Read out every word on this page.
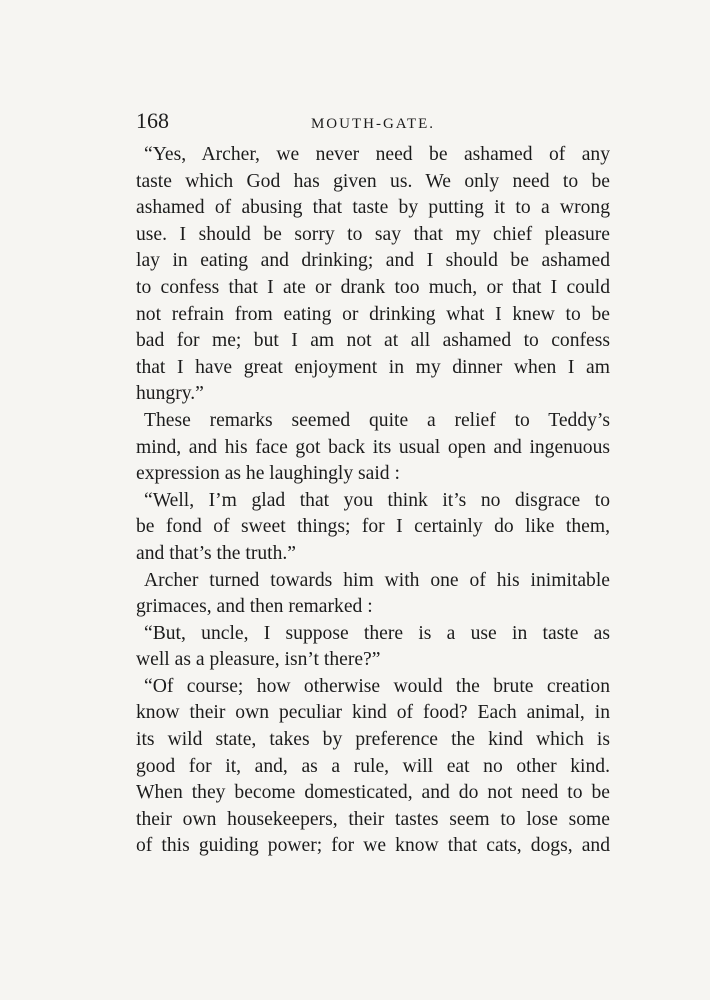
168	MOUTH-GATE.

“Yes, Archer, we never need be ashamed of any
taste which God has given us. We only need to be
ashamed of abusing that taste by putting it to a wrong
use. I should be sorry to say that my chief pleasure
lay in eating and drinking; and I should be ashamed
to confess that I ate or drank too much, or that I could
not refrain from eating or drinking what I knew to be
bad for me; but I am not at all ashamed to confess
that I have great enjoyment in my dinner when I am
hungry.”

These remarks seemed quite a relief to Teddy’s
mind, and his face got back its usual open and ingenuous
expression as he laughingly said :

“Well, I’m glad that you think it’s no disgrace to
be fond of sweet things; for I certainly do like them,
and that’s the truth.”

Archer turned towards him with one of his inimitable
grimaces, and then remarked :

“But, uncle, I suppose there is a use in taste as
well as a pleasure, isn’t there?”

“Of course; how otherwise would the brute creation
know their own peculiar kind of food? Each animal, in
its wild state, takes by preference the kind which is
good for it, and, as a rule, will eat no other kind.
When they become domesticated, and do not need to be
their own housekeepers, their tastes seem to lose some
of this guiding power; for we know that cats, dogs, and
